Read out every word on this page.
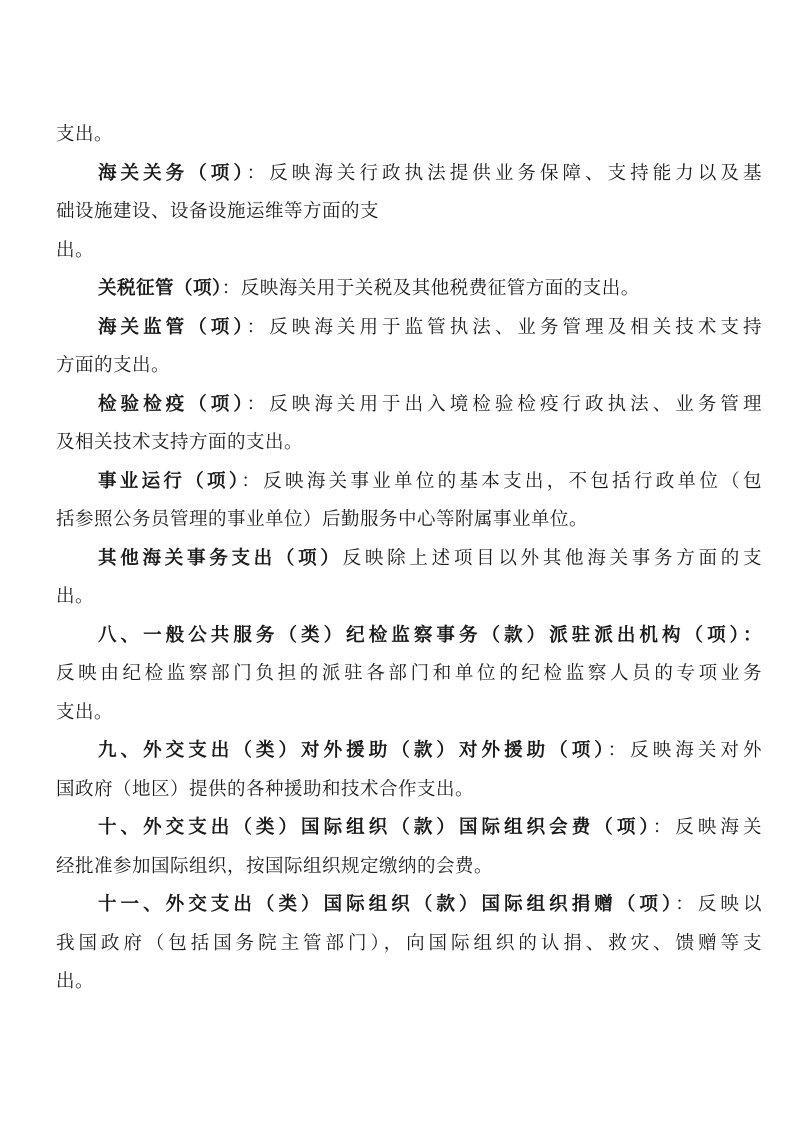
支出。
海关关务（项）：反映海关行政执法提供业务保障、支持能力以及基
础设施建设、设备设施运维等方面的支
出。
关税征管（项）：反映海关用于关税及其他税费征管方面的支出。
海关监管（项）：反映海关用于监管执法、业务管理及相关技术支持
方面的支出。
检验检疫（项）：反映海关用于出入境检验检疫行政执法、业务管理
及相关技术支持方面的支出。
事业运行（项）：反映海关事业单位的基本支出，不包括行政单位（包
括参照公务员管理的事业单位）后勤服务中心等附属事业单位。
其他海关事务支出（项）反映除上述项目以外其他海关事务方面的支
出。
八、一般公共服务（类）纪检监察事务（款）派驻派出机构（项）：
反映由纪检监察部门负担的派驻各部门和单位的纪检监察人员的专项业务
支出。
九、外交支出（类）对外援助（款）对外援助（项）：反映海关对外
国政府（地区）提供的各种援助和技术合作支出。
十、外交支出（类）国际组织（款）国际组织会费（项）：反映海关
经批准参加国际组织，按国际组织规定缴纳的会费。
十一、外交支出（类）国际组织（款）国际组织捐赠（项）：反映以
我国政府（包括国务院主管部门），向国际组织的认捐、救灾、馈赠等支
出。
